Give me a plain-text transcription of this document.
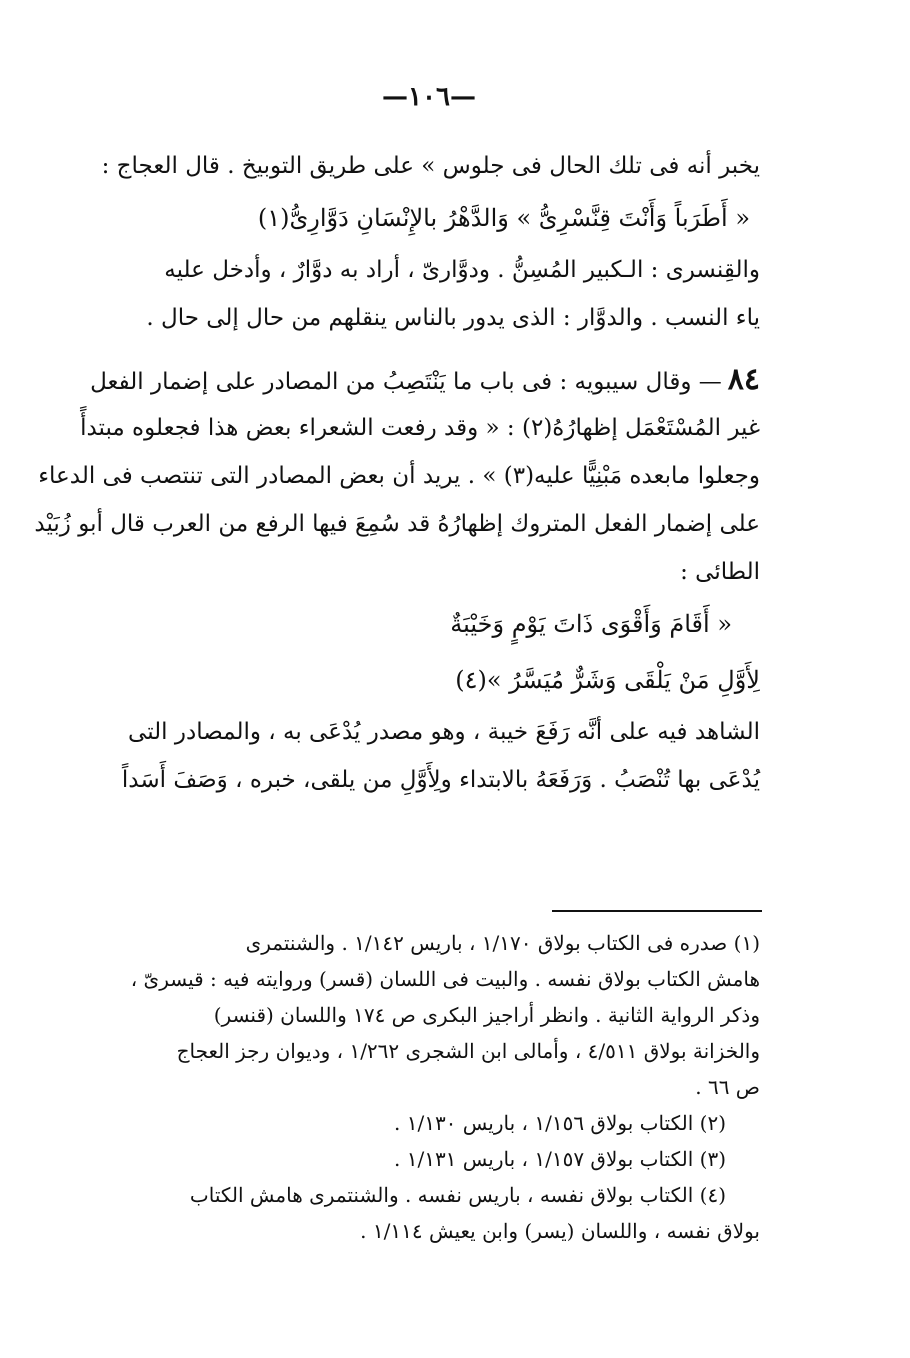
—١٠٦—
يخبر أنه فى تلك الحال فى جلوس » على طريق التوبيخ . قال العجاج :
« أَطَرَباً وَأَنْتَ قِنَّسْرِىُّ » وَالدَّهْرُ بالإِنْسَانِ دَوَّارِىُّ(١)
والقِنسرى : الـكبير المُسِنُّ . ودوَّارىّ ، أراد به دوَّارٌ ، وأدخل عليه
ياء النسب . والدوَّار : الذى يدور بالناس ينقلهم من حال إلى حال .
٨٤— وقال سيبويه : فى باب ما يَنْتَصِبُ من المصادر على إضمار الفعل
غير المُسْتَعْمَل إظهارُهُ(٢) : « وقد رفعت الشعراء بعض هذا فجعلوه مبتدأً
وجعلوا مابعده مَبْنِيًّا عليه(٣) » . يريد أن بعض المصادر التى تنتصب فى الدعاء
على إضمار الفعل المتروك إظهارُهُ قد سُمِعَ فيها الرفع من العرب قال أبو زُبَيْد
الطائى :
« أَقَامَ وَأَقْوَى ذَاتَ يَوْمٍ وَخَيْبَةٌ
لِأَوَّلِ مَنْ يَلْقَى وَشَرٌّ مُيَسَّرُ »(٤)
الشاهد فيه على أنَّه رَفَعَ خيبة ، وهو مصدر يُدْعَى به ، والمصادر التى
يُدْعَى بها تُنْصَبُ . وَرَفَعَهُ بالابتداء ولِأَوَّلِ من يلقى، خبره ، وَصَفَ أَسَداً
(١) صدره فى الكتاب بولاق ١/١٧٠ ، باريس ١/١٤٢ . والشنتمرى
هامش الكتاب بولاق نفسه . والبيت فى اللسان (قسر) وروايته فيه : قيسرىّ ،
وذكر الرواية الثانية . وانظر أراجيز البكرى ص ١٧٤ واللسان (قنسر)
والخزانة بولاق ٤/٥١١ ، وأمالى ابن الشجرى ١/٢٦٢ ، وديوان رجز العجاج
ص ٦٦ .
(٢) الكتاب بولاق ١/١٥٦ ، باريس ١/١٣٠ .
(٣) الكتاب بولاق ١/١٥٧ ، باريس ١/١٣١ .
(٤) الكتاب بولاق نفسه ، باريس نفسه . والشنتمرى هامش الكتاب
بولاق نفسه ، واللسان (يسر) وابن يعيش ١/١١٤ .
